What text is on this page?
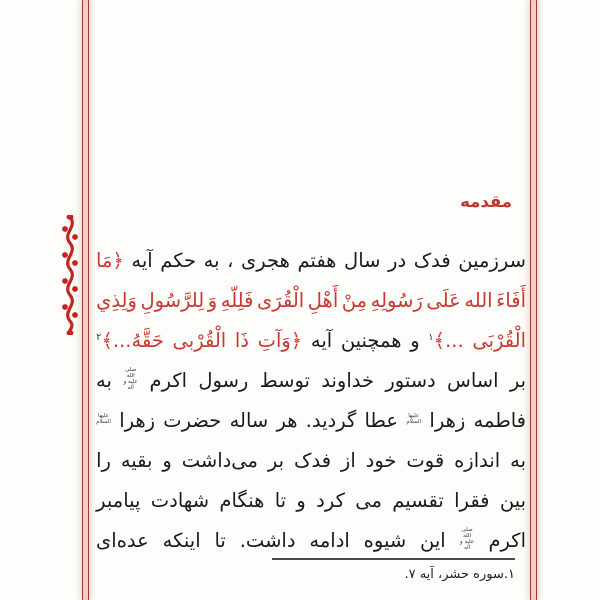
مقدمه
سرزمین
فدک
در
سال
هفتم
هجری
،
به
حکم
آیه
﴿مَا
أَفَاءَ
الله
عَلَى
رَسُولِهِ
مِنْ
أَهْلِ
الْقُرَى
فَلِلّهِ
وَ
لِلرَّسُولِ
وَلِذِي
الْقُرْبَى
...﴾$^۱$
و
همچنین
آیه
﴿وَآتِ
ذَا
الْقُرْبى
حَقَّهُ...﴾$^۲$
بر
اساس
دستور
خداوند
توسط
رسول
اکرم
صلی الله علیه و آله
به
فاطمه
زهرا
علیها السلام
عطا
گردید.
هر
ساله
حضرت
زهرا
علیها السلام
به
اندازه
قوت
خود
از
فدک
بر
می‌داشت
و
بقیه
را
بین
فقرا
تقسیم
می
کرد
و
تا
هنگام
شهادت
پیامبر
اکرم
صلی الله علیه و آله
این
شیوه
ادامه
داشت.
تا
اینکه
عده‌ای
۱.سوره حشر، آیه ۷.
